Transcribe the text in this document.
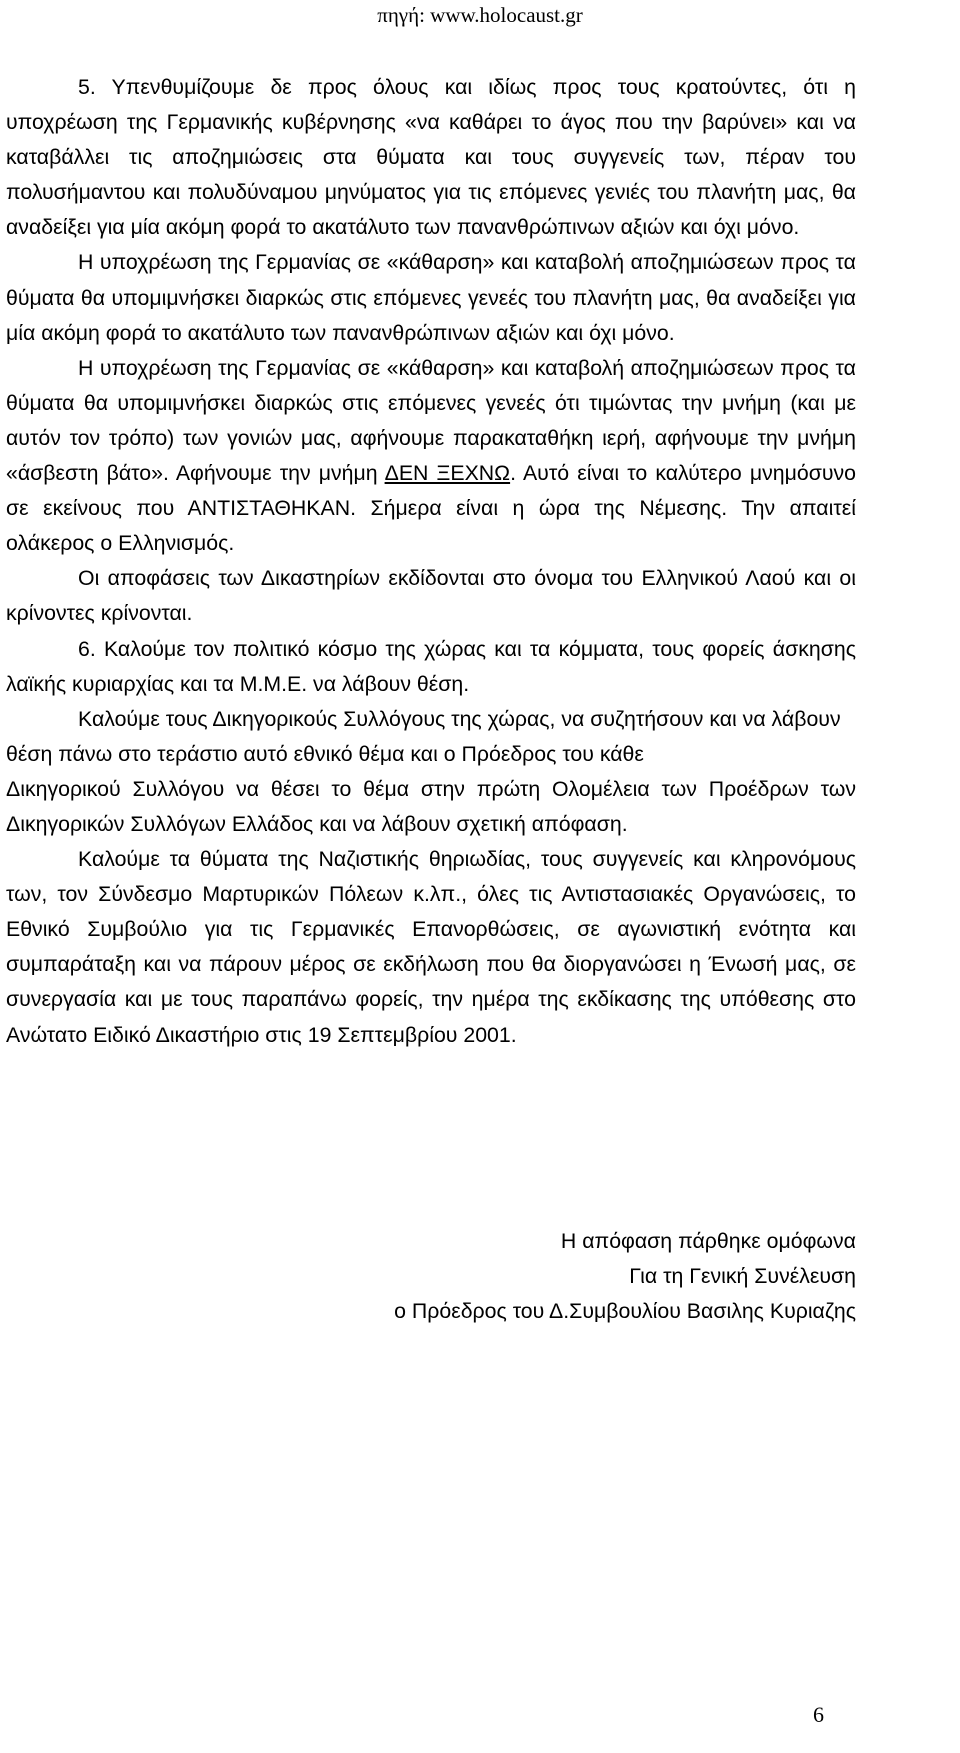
πηγή: www.holocaust.gr

5. Υπενθυμίζουμε δε προς όλους και ιδίως προς τους κρατούντες, ότι η υποχρέωση της Γερμανικής κυβέρνησης «να καθάρει το άγος που την βαρύνει» και να καταβάλλει τις αποζημιώσεις στα θύματα και τους συγγενείς των, πέραν του πολυσήμαντου και πολυδύναμου μηνύματος για τις επόμενες γενιές του πλανήτη μας, θα αναδείξει για μία ακόμη φορά το ακατάλυτο των πανανθρώπινων αξιών και όχι μόνο.

Η υποχρέωση της Γερμανίας σε «κάθαρση» και καταβολή αποζημιώσεων προς τα θύματα θα υπομιμνήσκει διαρκώς στις επόμενες γενεές του πλανήτη μας, θα αναδείξει για μία ακόμη φορά το ακατάλυτο των πανανθρώπινων αξιών και όχι μόνο.

Η υποχρέωση της Γερμανίας σε «κάθαρση» και καταβολή αποζημιώσεων προς τα θύματα θα υπομιμνήσκει διαρκώς στις επόμενες γενεές ότι τιμώντας την μνήμη (και με αυτόν τον τρόπο) των γονιών μας, αφήνουμε παρακαταθήκη ιερή, αφήνουμε την μνήμη «άσβεστη βάτο». Αφήνουμε την μνήμη ΔΕΝ ΞΕΧΝΩ. Αυτό είναι το καλύτερο μνημόσυνο σε εκείνους που ΑΝΤΙΣΤΑΘΗΚΑΝ. Σήμερα είναι η ώρα της Νέμεσης. Την απαιτεί ολάκερος ο Ελληνισμός.

Οι αποφάσεις των Δικαστηρίων εκδίδονται στο όνομα του Ελληνικού Λαού και οι κρίνοντες κρίνονται.

6. Καλούμε τον πολιτικό κόσμο της χώρας και τα κόμματα, τους φορείς άσκησης λαϊκής κυριαρχίας και τα Μ.Μ.Ε. να λάβουν θέση.

Καλούμε τους Δικηγορικούς Συλλόγους της χώρας, να συζητήσουν και να λάβουν θέση πάνω στο τεράστιο αυτό εθνικό θέμα και ο Πρόεδρος του κάθε

Δικηγορικού Συλλόγου να θέσει το θέμα στην πρώτη Ολομέλεια των Προέδρων των Δικηγορικών Συλλόγων Ελλάδος και να λάβουν σχετική απόφαση.

Καλούμε τα θύματα της Ναζιστικής θηριωδίας, τους συγγενείς και κληρονόμους των, τον Σύνδεσμο Μαρτυρικών Πόλεων κ.λπ., όλες τις Αντιστασιακές Οργανώσεις, το Εθνικό Συμβούλιο για τις Γερμανικές Επανορθώσεις, σε αγωνιστική ενότητα και συμπαράταξη και να πάρουν μέρος σε εκδήλωση που θα διοργανώσει η Ένωσή μας, σε συνεργασία και με τους παραπάνω φορείς, την ημέρα της εκδίκασης της υπόθεσης στο Ανώτατο Ειδικό Δικαστήριο στις 19 Σεπτεμβρίου 2001.

Η απόφαση πάρθηκε ομόφωνα
Για τη Γενική Συνέλευση
ο Πρόεδρος του Δ.Συμβουλίου Βασιλης Κυριαζης
6
